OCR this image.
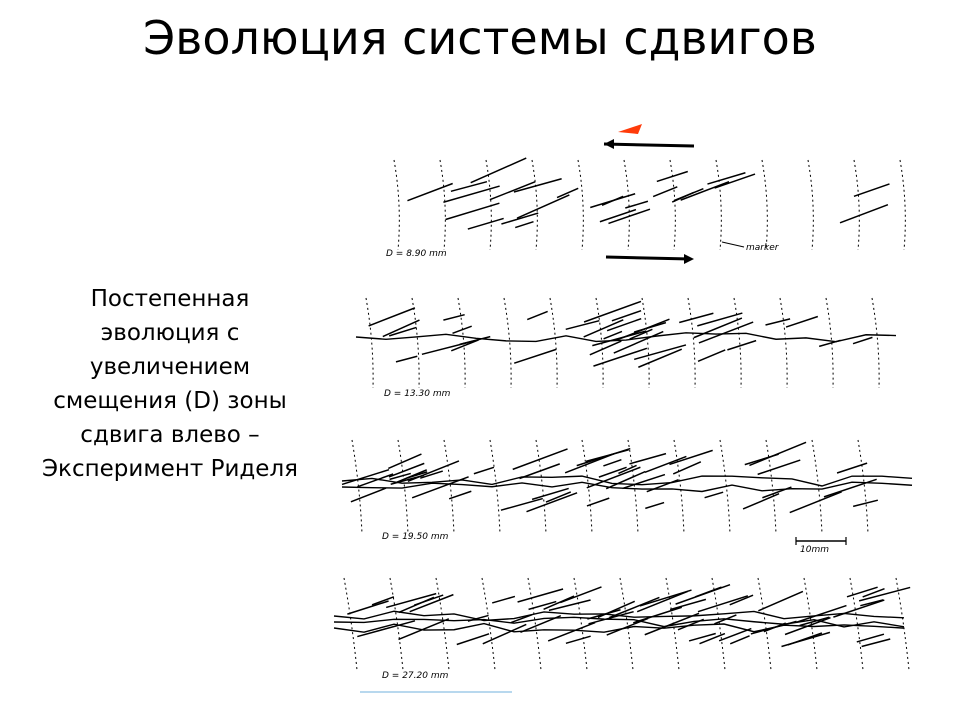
Эволюция системы сдвигов
Постепенная
эволюция с
увеличением
смещения (D) зоны
сдвига влево –
Эксперимент Риделя
marker
D = 8.90 mm
D = 13.30 mm
D = 19.50 mm
D = 27.20 mm
10mm
